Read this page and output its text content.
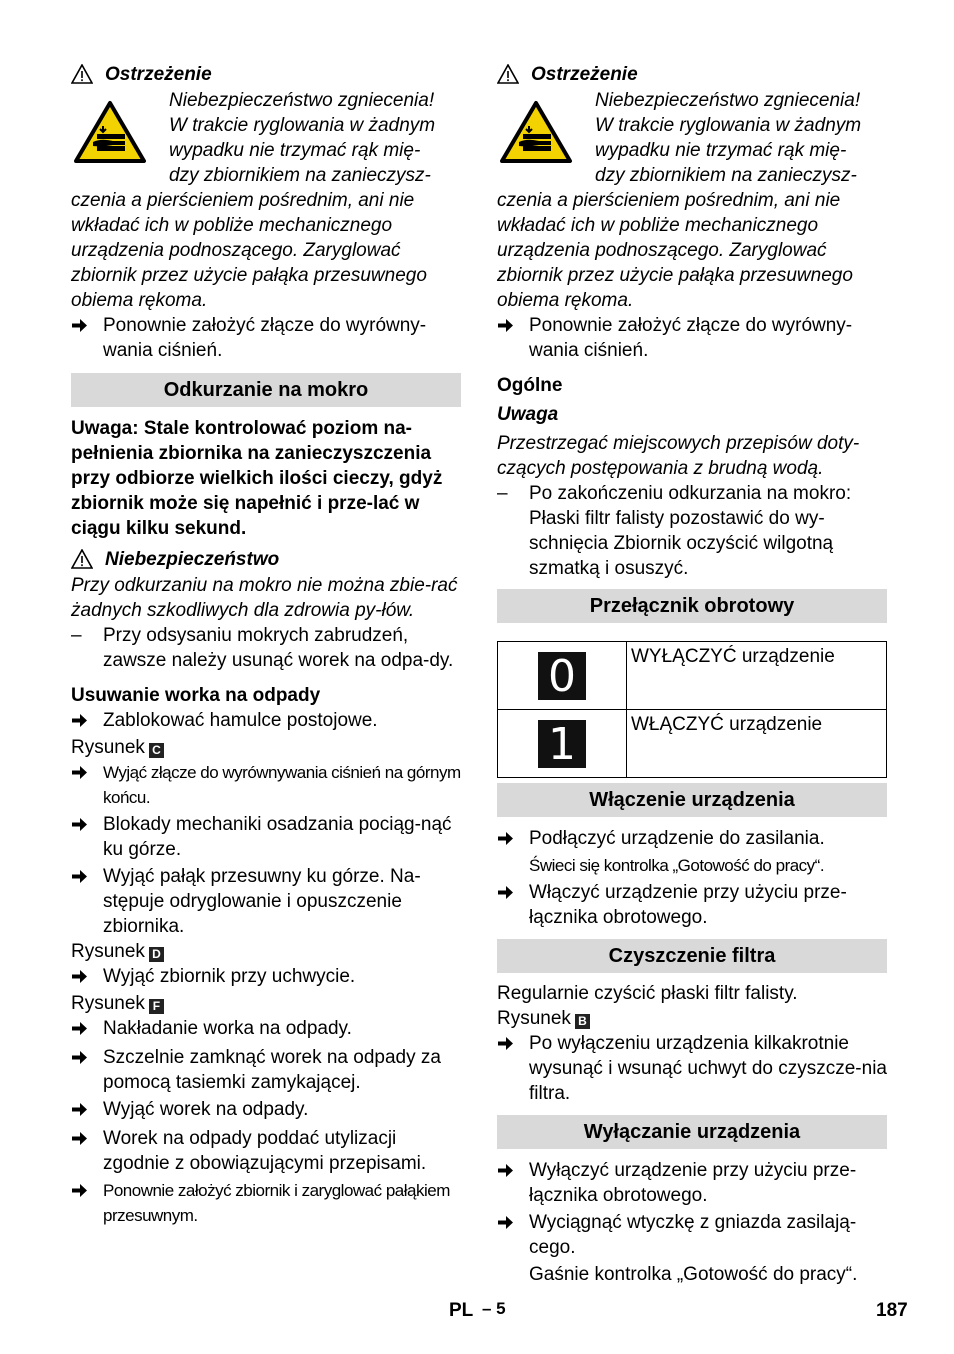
Ostrzeżenie
Niebezpieczeństwo zgniecenia!
W trakcie ryglowania w żadnym
wypadku nie trzymać rąk mię-
dzy zbiornikiem na zanieczysz-
czenia a pierścieniem pośrednim, ani nie
wkładać ich w pobliże mechanicznego
urządzenia podnoszącego. Zaryglować
zbiornik przez użycie pałąka przesuwnego
obiema rękoma.
Ponownie założyć złącze do wyrówny-wania ciśnień.
Odkurzanie na mokro
Uwaga: Stale kontrolować poziom na-pełnienia zbiornika na zanieczyszczenia przy odbiorze wielkich ilości cieczy, gdyż zbiornik może się napełnić i prze-lać w ciągu kilku sekund.
Niebezpieczeństwo
Przy odkurzaniu na mokro nie można zbie-rać żadnych szkodliwych dla zdrowia py-łów.
–	Przy odsysaniu mokrych zabrudzeń, zawsze należy usunąć worek na odpa-dy.
Usuwanie worka na odpady
Zablokować hamulce postojowe.
Rysunek C
Wyjąć złącze do wyrównywania ciśnień na górnym końcu.
Blokady mechaniki osadzania pociąg-nąć ku górze.
Wyjąć pałąk przesuwny ku górze. Na-stępuje odryglowanie i opuszczenie zbiornika.
Rysunek D
Wyjąć zbiornik przy uchwycie.
Rysunek F
Nakładanie worka na odpady.
Szczelnie zamknąć worek na odpady za pomocą tasiemki zamykającej.
Wyjąć worek na odpady.
Worek na odpady poddać utylizacji zgodnie z obowiązującymi przepisami.
Ponownie założyć zbiornik i zaryglować pałąkiem przesuwnym.
Ostrzeżenie
Niebezpieczeństwo zgniecenia!
W trakcie ryglowania w żadnym
wypadku nie trzymać rąk mię-
dzy zbiornikiem na zanieczysz-
czenia a pierścieniem pośrednim, ani nie
wkładać ich w pobliże mechanicznego
urządzenia podnoszącego. Zaryglować
zbiornik przez użycie pałąka przesuwnego
obiema rękoma.
Ponownie założyć złącze do wyrówny-wania ciśnień.
Ogólne
Uwaga
Przestrzegać miejscowych przepisów doty-czących postępowania z brudną wodą.
–	Po zakończeniu odkurzania na mokro: Płaski filtr falisty pozostawić do wy-schnięcia Zbiornik oczyścić wilgotną szmatką i osuszyć.
Przełącznik obrotowy
0	WYŁĄCZYĆ urządzenie
1	WŁĄCZYĆ urządzenie
Włączenie urządzenia
Podłączyć urządzenie do zasilania.
Świeci się kontrolka „Gotowość do pracy“.
Włączyć urządzenie przy użyciu prze-łącznika obrotowego.
Czyszczenie filtra
Regularnie czyścić płaski filtr falisty.
Rysunek B
Po wyłączeniu urządzenia kilkakrotnie wysunąć i wsunąć uchwyt do czyszcze-nia filtra.
Wyłączanie urządzenia
Wyłączyć urządzenie przy użyciu prze-łącznika obrotowego.
Wyciągnąć wtyczkę z gniazda zasilają-cego.
Gaśnie kontrolka „Gotowość do pracy“.
PL – 5	187
